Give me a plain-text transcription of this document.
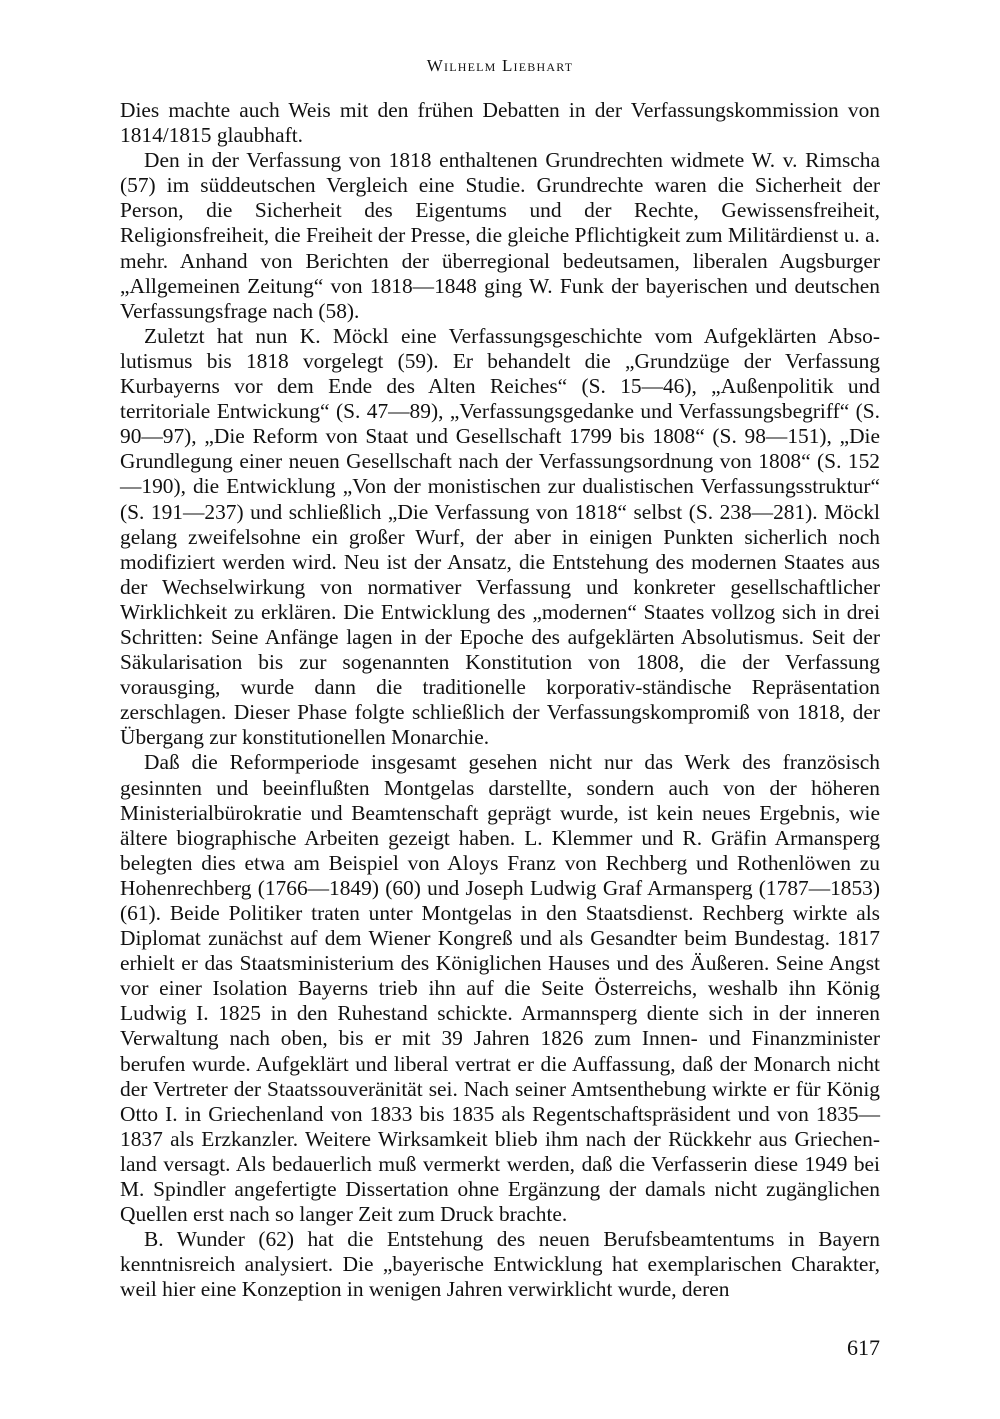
Wilhelm Liebhart

Dies machte auch Weis mit den frühen Debatten in der Verfassungskommission von 1814/1815 glaubhaft.

Den in der Verfassung von 1818 enthaltenen Grundrechten widmete W. v. Rimscha (57) im süddeutschen Vergleich eine Studie. Grundrechte waren die Sicherheit der Person, die Sicherheit des Eigentums und der Rechte, Gewissensfreiheit, Religionsfreiheit, die Freiheit der Presse, die gleiche Pflichtigkeit zum Militärdienst u. a. mehr. Anhand von Berichten der überregional bedeutsamen, liberalen Augsburger „Allgemeinen Zeitung“ von 1818—1848 ging W. Funk der bayerischen und deutschen Verfassungsfrage nach (58).

Zuletzt hat nun K. Möckl eine Verfassungsgeschichte vom Aufgeklärten Absolutismus bis 1818 vorgelegt (59). Er behandelt die „Grundzüge der Verfassung Kurbayerns vor dem Ende des Alten Reiches“ (S. 15—46), „Außenpolitik und territoriale Entwickung“ (S. 47—89), „Verfassungsgedanke und Verfassungsbegriff“ (S. 90—97), „Die Reform von Staat und Gesellschaft 1799 bis 1808“ (S. 98—151), „Die Grundlegung einer neuen Gesellschaft nach der Verfassungsordnung von 1808“ (S. 152—190), die Entwicklung „Von der monistischen zur dualistischen Verfassungsstruktur“ (S. 191—237) und schließlich „Die Verfassung von 1818“ selbst (S. 238—281). Möckl gelang zweifelsohne ein großer Wurf, der aber in einigen Punkten sicherlich noch modifiziert werden wird. Neu ist der Ansatz, die Entstehung des modernen Staates aus der Wechselwirkung von normativer Verfassung und konkreter gesellschaftlicher Wirklichkeit zu erklären. Die Entwicklung des „modernen“ Staates vollzog sich in drei Schritten: Seine Anfänge lagen in der Epoche des aufgeklärten Absolutismus. Seit der Säkularisation bis zur sogenannten Konstitution von 1808, die der Verfassung vorausging, wurde dann die traditionelle korporativ-ständische Repräsentation zerschlagen. Dieser Phase folgte schließlich der Verfassungskompromiß von 1818, der Übergang zur konstitutionellen Monarchie.

Daß die Reformperiode insgesamt gesehen nicht nur das Werk des französisch gesinnten und beeinflußten Montgelas darstellte, sondern auch von der höheren Ministerialbürokratie und Beamtenschaft geprägt wurde, ist kein neues Ergebnis, wie ältere biographische Arbeiten gezeigt haben. L. Klemmer und R. Gräfin Armansperg belegten dies etwa am Beispiel von Aloys Franz von Rechberg und Rothenlöwen zu Hohenrechberg (1766—1849) (60) und Joseph Ludwig Graf Armansperg (1787—1853) (61). Beide Politiker traten unter Montgelas in den Staatsdienst. Rechberg wirkte als Diplomat zunächst auf dem Wiener Kongreß und als Gesandter beim Bundestag. 1817 erhielt er das Staatsministerium des Königlichen Hauses und des Äußeren. Seine Angst vor einer Isolation Bayerns trieb ihn auf die Seite Österreichs, weshalb ihn König Ludwig I. 1825 in den Ruhestand schickte. Armannsperg diente sich in der inneren Verwaltung nach oben, bis er mit 39 Jahren 1826 zum Innen- und Finanzminister berufen wurde. Aufgeklärt und liberal vertrat er die Auffassung, daß der Monarch nicht der Vertreter der Staatssouveränität sei. Nach seiner Amtsenthebung wirkte er für König Otto I. in Griechenland von 1833 bis 1835 als Regentschaftspräsident und von 1835—1837 als Erzkanzler. Weitere Wirksamkeit blieb ihm nach der Rückkehr aus Griechenland versagt. Als bedauerlich muß vermerkt werden, daß die Verfasserin diese 1949 bei M. Spindler angefertigte Dissertation ohne Ergänzung der damals nicht zugänglichen Quellen erst nach so langer Zeit zum Druck brachte.

B. Wunder (62) hat die Entstehung des neuen Berufsbeamtentums in Bayern kenntnisreich analysiert. Die „bayerische Entwicklung hat exemplarischen Charakter, weil hier eine Konzeption in wenigen Jahren verwirklicht wurde, deren

617
